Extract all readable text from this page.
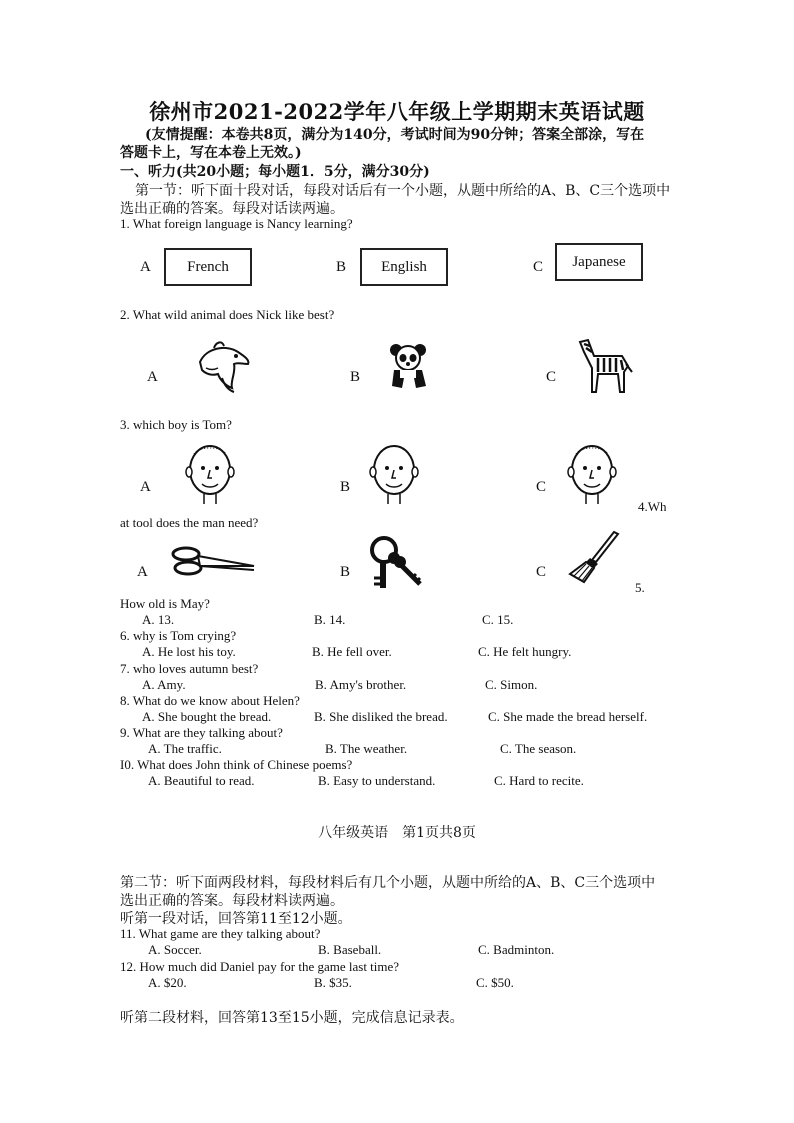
徐州市2021-2022学年八年级上学期期末英语试题
(友情提醒：本卷共8页，满分为140分，考试时间为90分钟；答案全部涂，写在
答题卡上，写在本卷上无效。)
一、听力(共20小题；每小题1．5分，满分30分)
第一节：听下面十段对话，每段对话后有一个小题，从题中所给的A、B、C三个选项中
选出正确的答案。每段对话读两遍。
1. What foreign language is Nancy learning?
A	French	B	English	C	Japanese
2. What wild animal does Nick like best?
A	B	C
3. which boy is Tom?
A	B	C
4.Wh
at tool does the man need?
A	B	C
5.
How old is May?
A. 13.	B. 14.	C. 15.
6. why is Tom crying?
A. He lost his toy.	B. He fell over.	C. He felt hungry.
7. who loves autumn best?
A. Amy.	B. Amy's brother.	C. Simon.
8. What do we know about Helen?
A. She bought the bread.	B. She disliked the bread.	C. She made the bread herself.
9. What are they talking about?
A. The traffic.	B. The weather.	C. The season.
I0. What does John think of Chinese poems?
A. Beautiful to read.	B. Easy to understand.	C. Hard to recite.
八年级英语　第1页共8页
第二节：听下面两段材料，每段材料后有几个小题，从题中所给的A、B、C三个选项中
选出正确的答案。每段材料读两遍。
听第一段对话，回答第11至12小题。
11. What game are they talking about?
A. Soccer.	B. Baseball.	C. Badminton.
12. How much did Daniel pay for the game last time?
A. $20.	B. $35.	C. $50.
听第二段材料，回答第13至15小题，完成信息记录表。
